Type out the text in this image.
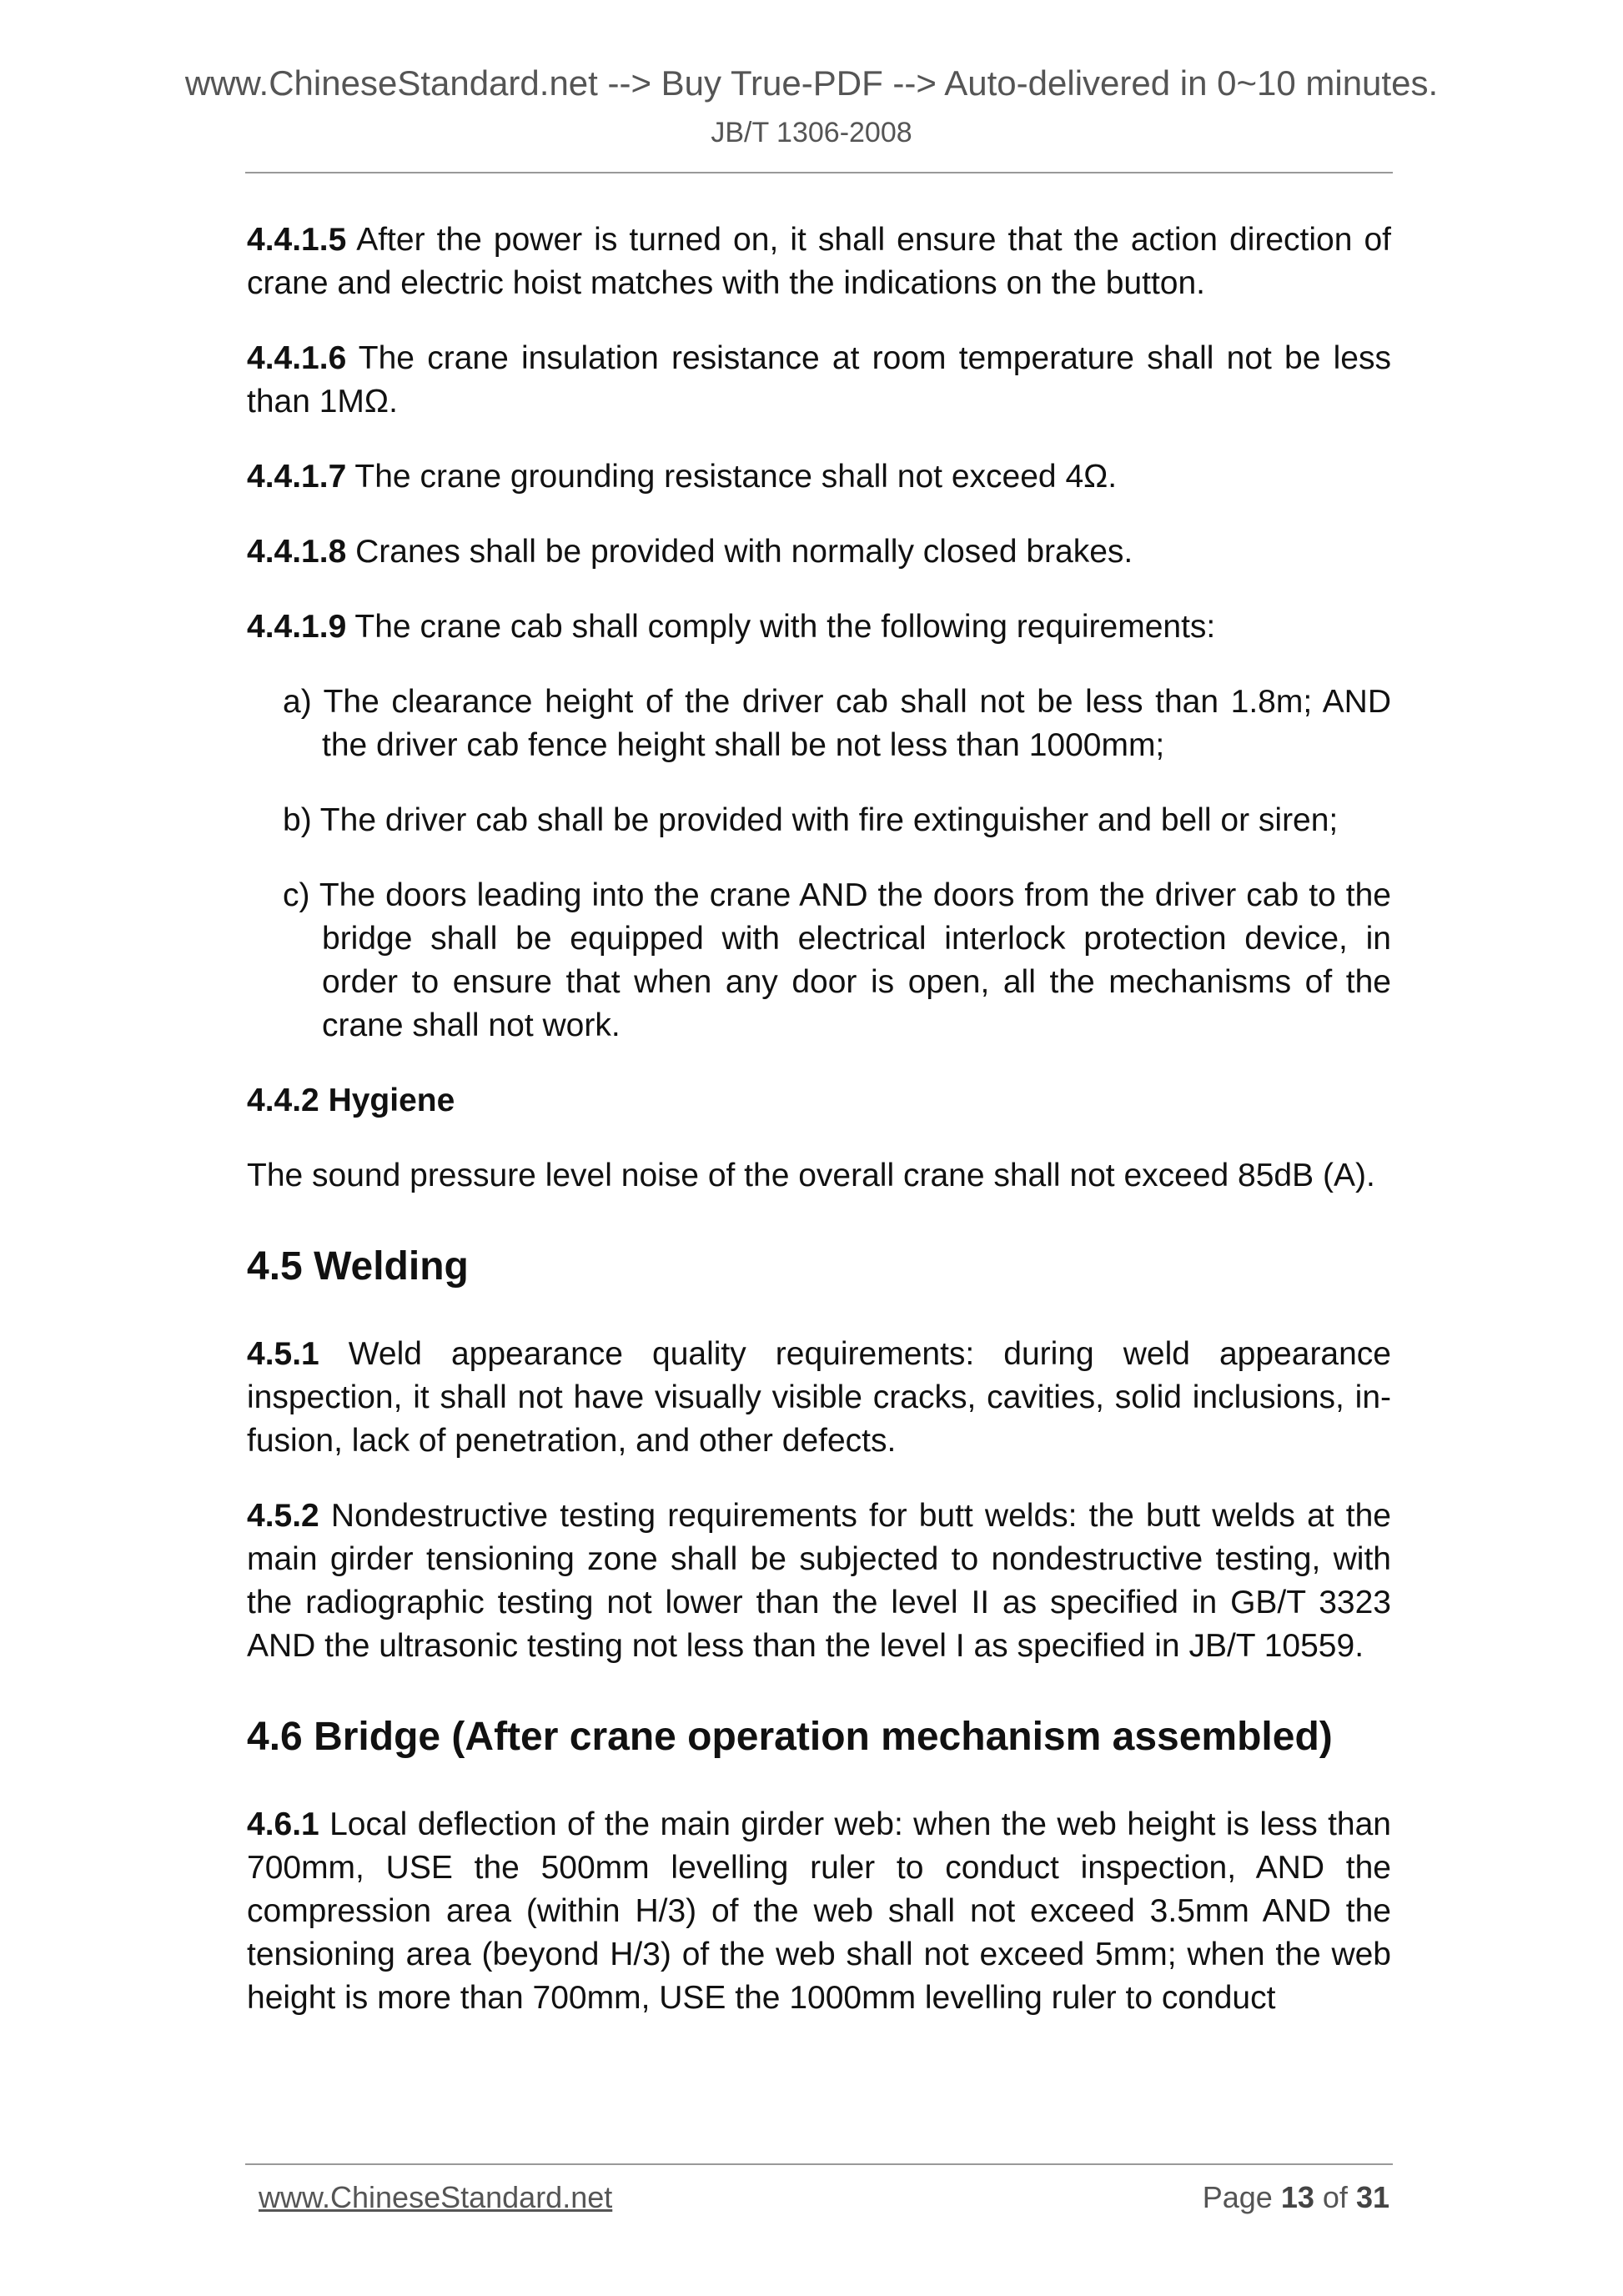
www.ChineseStandard.net --> Buy True-PDF --> Auto-delivered in 0~10 minutes.
JB/T 1306-2008

4.4.1.5 After the power is turned on, it shall ensure that the action direction of crane and electric hoist matches with the indications on the button.

4.4.1.6 The crane insulation resistance at room temperature shall not be less than 1MΩ.

4.4.1.7 The crane grounding resistance shall not exceed 4Ω.

4.4.1.8 Cranes shall be provided with normally closed brakes.

4.4.1.9 The crane cab shall comply with the following requirements:

a) The clearance height of the driver cab shall not be less than 1.8m; AND the driver cab fence height shall be not less than 1000mm;

b) The driver cab shall be provided with fire extinguisher and bell or siren;

c) The doors leading into the crane AND the doors from the driver cab to the bridge shall be equipped with electrical interlock protection device, in order to ensure that when any door is open, all the mechanisms of the crane shall not work.

4.4.2 Hygiene

The sound pressure level noise of the overall crane shall not exceed 85dB (A).

4.5 Welding

4.5.1 Weld appearance quality requirements: during weld appearance inspection, it shall not have visually visible cracks, cavities, solid inclusions, in-fusion, lack of penetration, and other defects.

4.5.2 Nondestructive testing requirements for butt welds: the butt welds at the main girder tensioning zone shall be subjected to nondestructive testing, with the radiographic testing not lower than the level II as specified in GB/T 3323 AND the ultrasonic testing not less than the level I as specified in JB/T 10559.

4.6 Bridge (After crane operation mechanism assembled)

4.6.1 Local deflection of the main girder web: when the web height is less than 700mm, USE the 500mm levelling ruler to conduct inspection, AND the compression area (within H/3) of the web shall not exceed 3.5mm AND the tensioning area (beyond H/3) of the web shall not exceed 5mm; when the web height is more than 700mm, USE the 1000mm levelling ruler to conduct

www.ChineseStandard.net	Page 13 of 31
